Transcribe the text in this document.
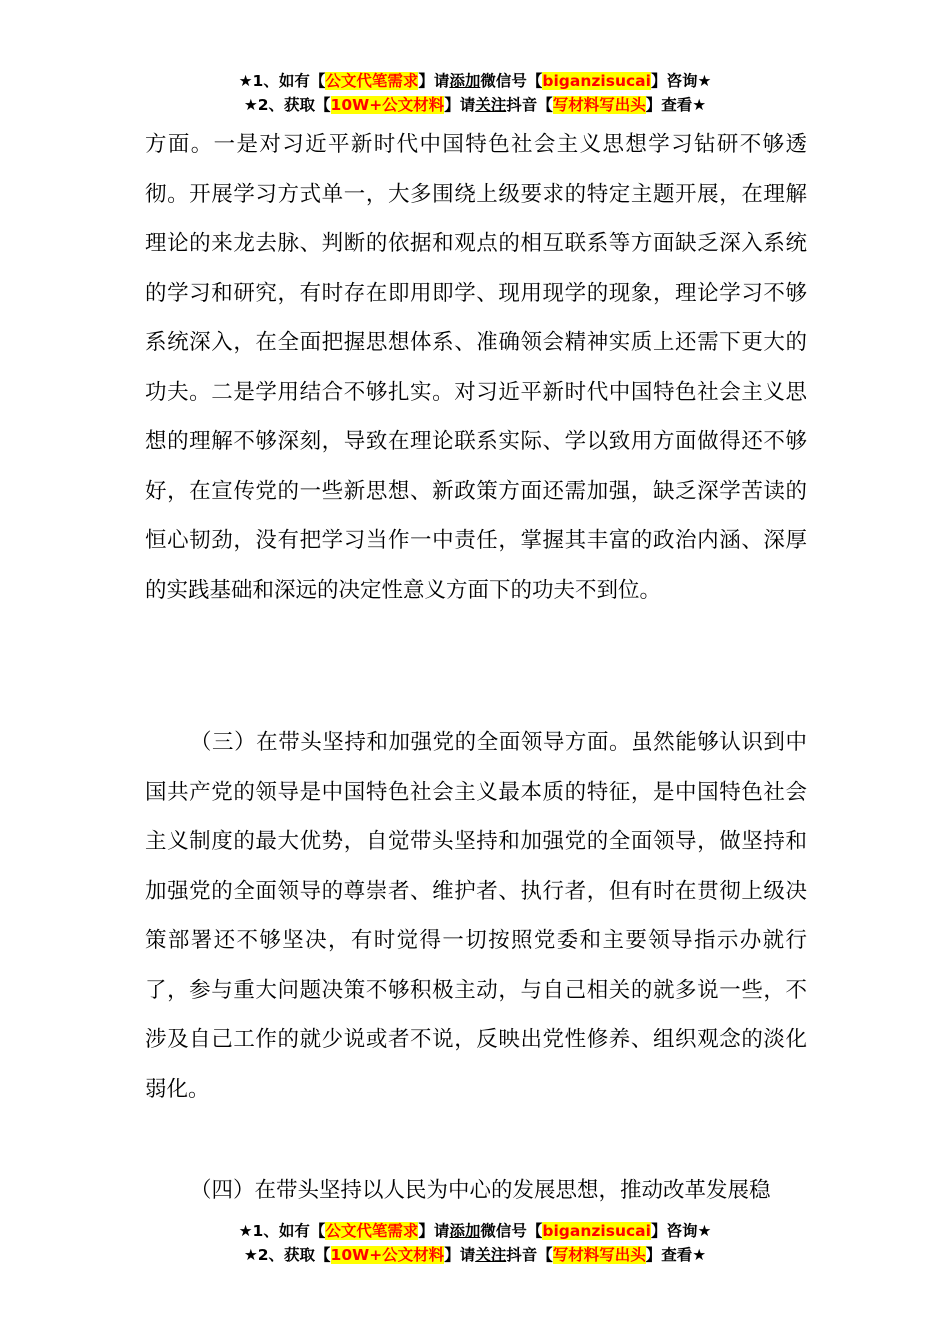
★1、如有【公文代笔需求】请添加微信号【biganzisucai】咨询★
★2、获取【10W+公文材料】请关注抖音【写材料写出头】查看★

方面。一是对习近平新时代中国特色社会主义思想学习钻研不够透彻。开展学习方式单一，大多围绕上级要求的特定主题开展，在理解理论的来龙去脉、判断的依据和观点的相互联系等方面缺乏深入系统的学习和研究，有时存在即用即学、现用现学的现象，理论学习不够系统深入，在全面把握思想体系、准确领会精神实质上还需下更大的功夫。二是学用结合不够扎实。对习近平新时代中国特色社会主义思想的理解不够深刻，导致在理论联系实际、学以致用方面做得还不够好，在宣传党的一些新思想、新政策方面还需加强，缺乏深学苦读的恒心韧劲，没有把学习当作一中责任，掌握其丰富的政治内涵、深厚的实践基础和深远的决定性意义方面下的功夫不到位。

（三）在带头坚持和加强党的全面领导方面。虽然能够认识到中国共产党的领导是中国特色社会主义最本质的特征，是中国特色社会主义制度的最大优势，自觉带头坚持和加强党的全面领导，做坚持和加强党的全面领导的尊崇者、维护者、执行者，但有时在贯彻上级决策部署还不够坚决，有时觉得一切按照党委和主要领导指示办就行了，参与重大问题决策不够积极主动，与自己相关的就多说一些，不涉及自己工作的就少说或者不说，反映出党性修养、组织观念的淡化弱化。

（四）在带头坚持以人民为中心的发展思想，推动改革发展稳

★1、如有【公文代笔需求】请添加微信号【biganzisucai】咨询★
★2、获取【10W+公文材料】请关注抖音【写材料写出头】查看★
